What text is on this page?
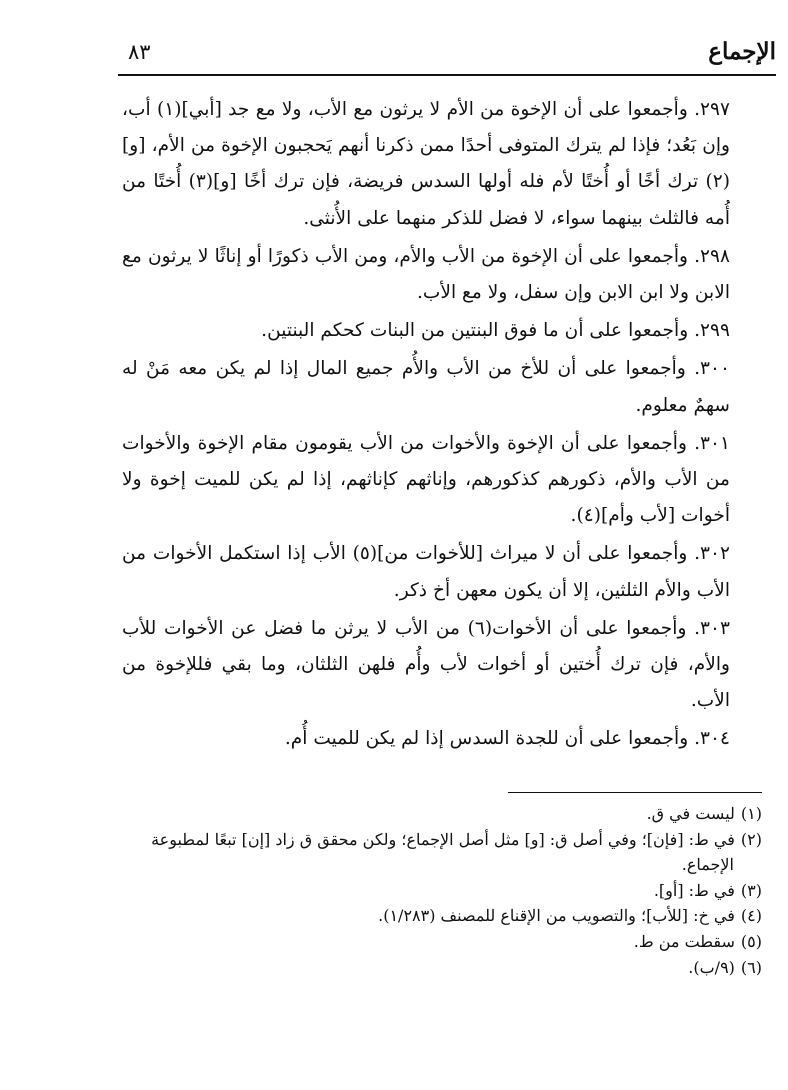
الإجماع
٨٣

٢٩٧. وأجمعوا على أن الإخوة من الأم لا يرثون مع الأب، ولا مع جد [أبي](١) أب، وإن بَعُد؛ فإذا لم يترك المتوفى أحدًا ممن ذكرنا أنهم يَحجبون الإخوة من الأم، [و](٢) ترك أخًا أو أُختًا لأم فله أولها السدس فريضة، فإن ترك أخًا [و](٣) أُختًا من أُمه فالثلث بينهما سواء، لا فضل للذكر منهما على الأُنثى.

٢٩٨. وأجمعوا على أن الإخوة من الأب والأم، ومن الأب ذكورًا أو إناثًا لا يرثون مع الابن ولا ابن الابن وإن سفل، ولا مع الأب.

٢٩٩. وأجمعوا على أن ما فوق البنتين من البنات كحكم البنتين.

٣٠٠. وأجمعوا على أن للأخ من الأب والأُم جميع المال إذا لم يكن معه مَنْ له سهمٌ معلوم.

٣٠١. وأجمعوا على أن الإخوة والأخوات من الأب يقومون مقام الإخوة والأخوات من الأب والأم، ذكورهم كذكورهم، وإناثهم كإناثهم، إذا لم يكن للميت إخوة ولا أخوات [لأب وأم](٤).

٣٠٢. وأجمعوا على أن لا ميراث [للأخوات من](٥) الأب إذا استكمل الأخوات من الأب والأم الثلثين، إلا أن يكون معهن أخ ذكر.

٣٠٣. وأجمعوا على أن الأخوات(٦) من الأب لا يرثن ما فضل عن الأخوات للأب والأم، فإن ترك أُختين أو أخوات لأب وأُم فلهن الثلثان، وما بقي فللإخوة من الأب.

٣٠٤. وأجمعوا على أن للجدة السدس إذا لم يكن للميت أُم.

(١)ليست في ق.

(٢)في ط: [فإن]؛ وفي أصل ق: [و] مثل أصل الإجماع؛ ولكن محقق ق زاد [إن] تبعًا لمطبوعة
الإجماع.

(٣)في ط: [أو].

(٤)في خ: [للأب]؛ والتصويب من الإقناع للمصنف (١/٢٨٣).

(٥)سقطت من ط.

(٦)(٩/ب).
